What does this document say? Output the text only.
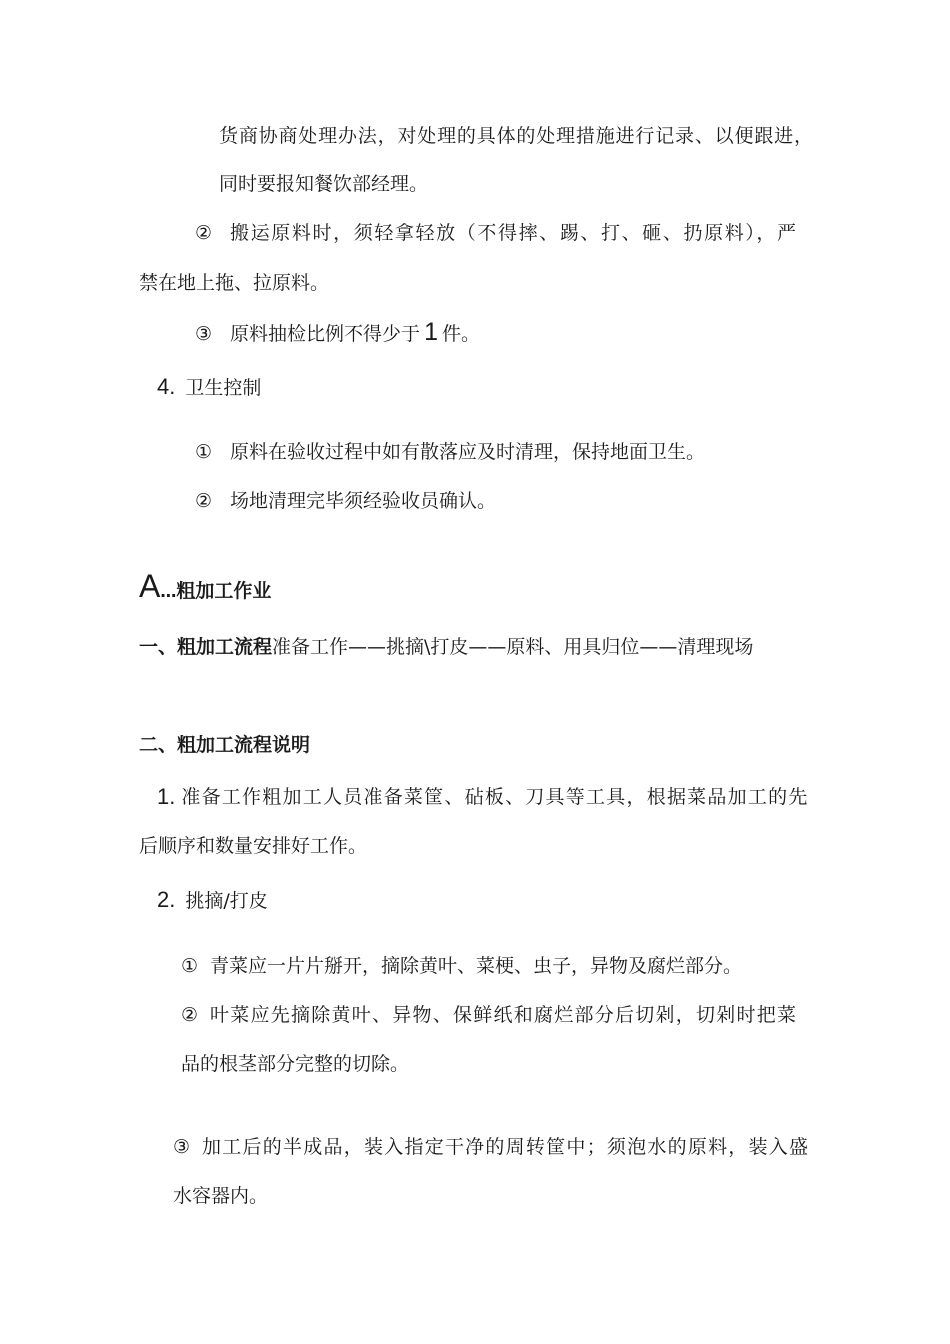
货商协商处理办法，对处理的具体的处理措施进行记录、以便跟进，
同时要报知餐饮部经理。
② 搬运原料时，须轻拿轻放（不得摔、踢、打、砸、扔原料），严
禁在地上拖、拉原料。
③ 原料抽检比例不得少于 1 件。
4. 卫生控制
① 原料在验收过程中如有散落应及时清理，保持地面卫生。
② 场地清理完毕须经验收员确认。
A…粗加工作业
一、粗加工流程准备工作——挑摘\打皮——原料、用具归位——清理现场
二、粗加工流程说明
1. 准备工作粗加工人员准备菜筐、砧板、刀具等工具，根据菜品加工的先
后顺序和数量安排好工作。
2. 挑摘/打皮
① 青菜应一片片掰开，摘除黄叶、菜梗、虫子，异物及腐烂部分。
② 叶菜应先摘除黄叶、异物、保鲜纸和腐烂部分后切剁，切剁时把菜
品的根茎部分完整的切除。
③ 加工后的半成品，装入指定干净的周转筐中；须泡水的原料，装入盛
水容器内。
